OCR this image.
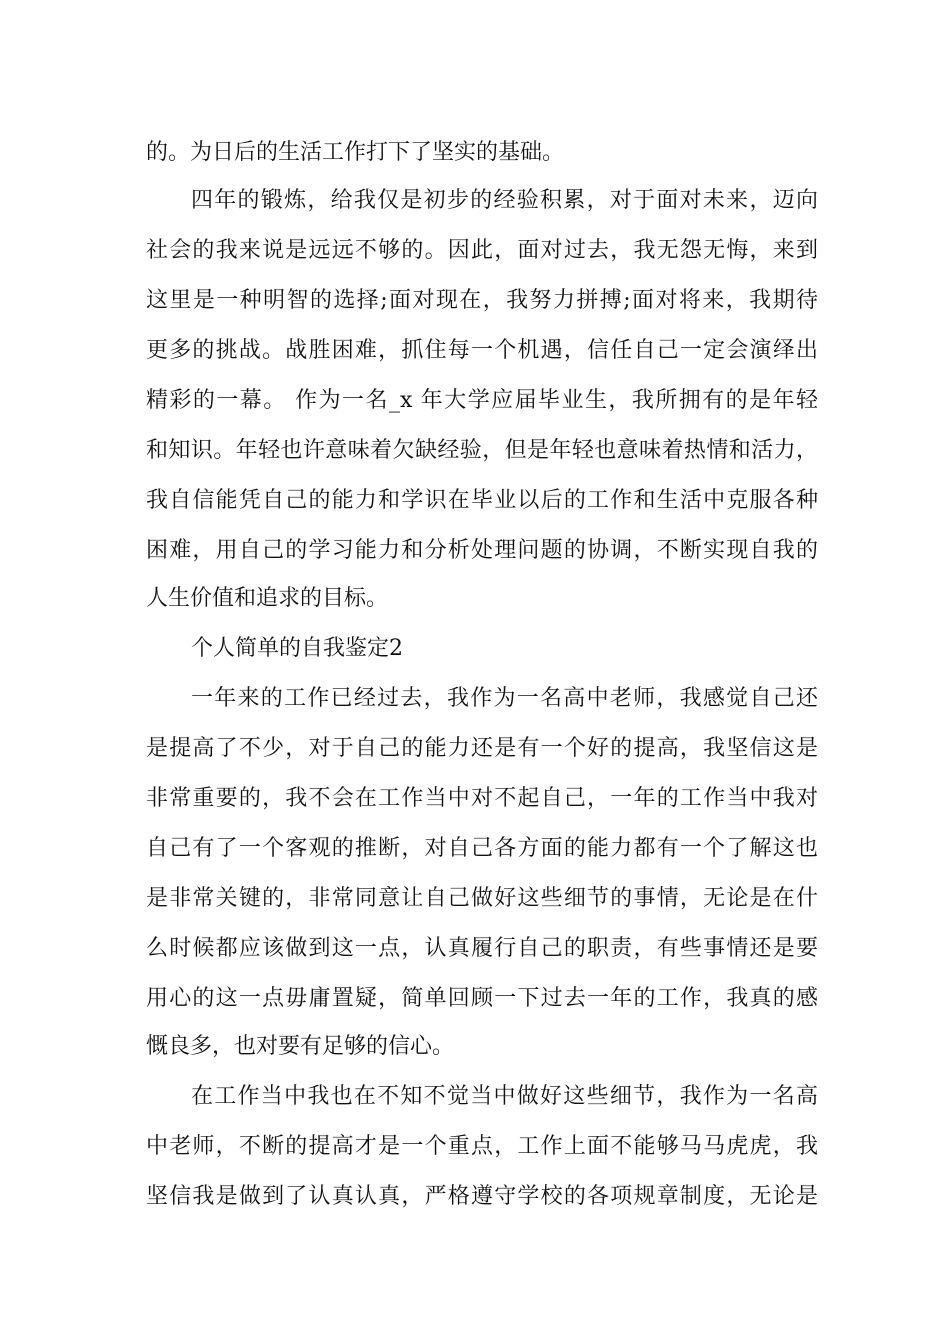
的。为日后的生活工作打下了坚实的基础。

四年的锻炼，给我仅是初步的经验积累，对于面对未来，迈向

社会的我来说是远远不够的。因此，面对过去，我无怨无悔，来到

这里是一种明智的选择;面对现在，我努力拼搏;面对将来，我期待

更多的挑战。战胜困难，抓住每一个机遇，信任自己一定会演绎出

精彩的一幕。 作为一名_x 年大学应届毕业生，我所拥有的是年轻

和知识。年轻也许意味着欠缺经验，但是年轻也意味着热情和活力，

我自信能凭自己的能力和学识在毕业以后的工作和生活中克服各种

困难，用自己的学习能力和分析处理问题的协调，不断实现自我的

人生价值和追求的目标。

个人简单的自我鉴定2

一年来的工作已经过去，我作为一名高中老师，我感觉自己还

是提高了不少，对于自己的能力还是有一个好的提高，我坚信这是

非常重要的，我不会在工作当中对不起自己，一年的工作当中我对

自己有了一个客观的推断，对自己各方面的能力都有一个了解这也

是非常关键的，非常同意让自己做好这些细节的事情，无论是在什

么时候都应该做到这一点，认真履行自己的职责，有些事情还是要

用心的这一点毋庸置疑，简单回顾一下过去一年的工作，我真的感

慨良多，也对要有足够的信心。

在工作当中我也在不知不觉当中做好这些细节，我作为一名高

中老师，不断的提高才是一个重点，工作上面不能够马马虎虎，我

坚信我是做到了认真认真，严格遵守学校的各项规章制度，无论是
